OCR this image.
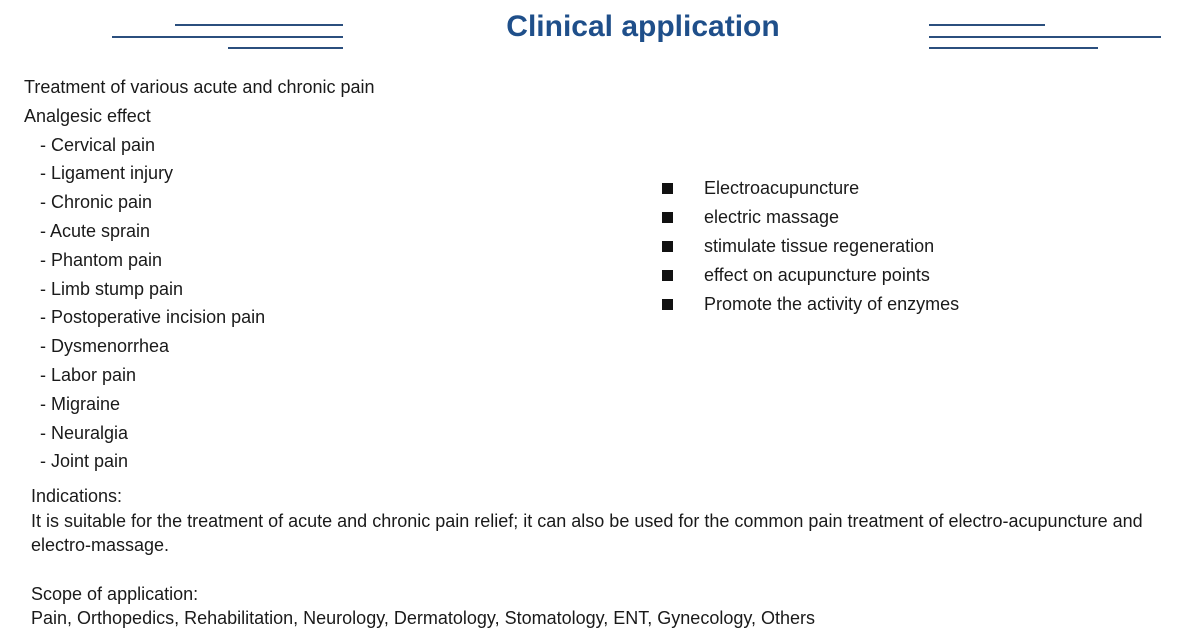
Clinical application
Treatment of various acute and chronic pain
Analgesic effect
- Cervical pain
- Ligament injury
- Chronic pain
- Acute sprain
- Phantom pain
- Limb stump pain
- Postoperative incision pain
- Dysmenorrhea
- Labor pain
- Migraine
- Neuralgia
- Joint pain
Electroacupuncture
electric massage
stimulate tissue regeneration
effect on acupuncture points
Promote the activity of enzymes
Indications:
It is suitable for the treatment of acute and chronic pain relief; it can also be used for the common pain treatment of electro-acupuncture and electro-massage.
Scope of application:
Pain, Orthopedics, Rehabilitation, Neurology, Dermatology, Stomatology, ENT, Gynecology, Others
